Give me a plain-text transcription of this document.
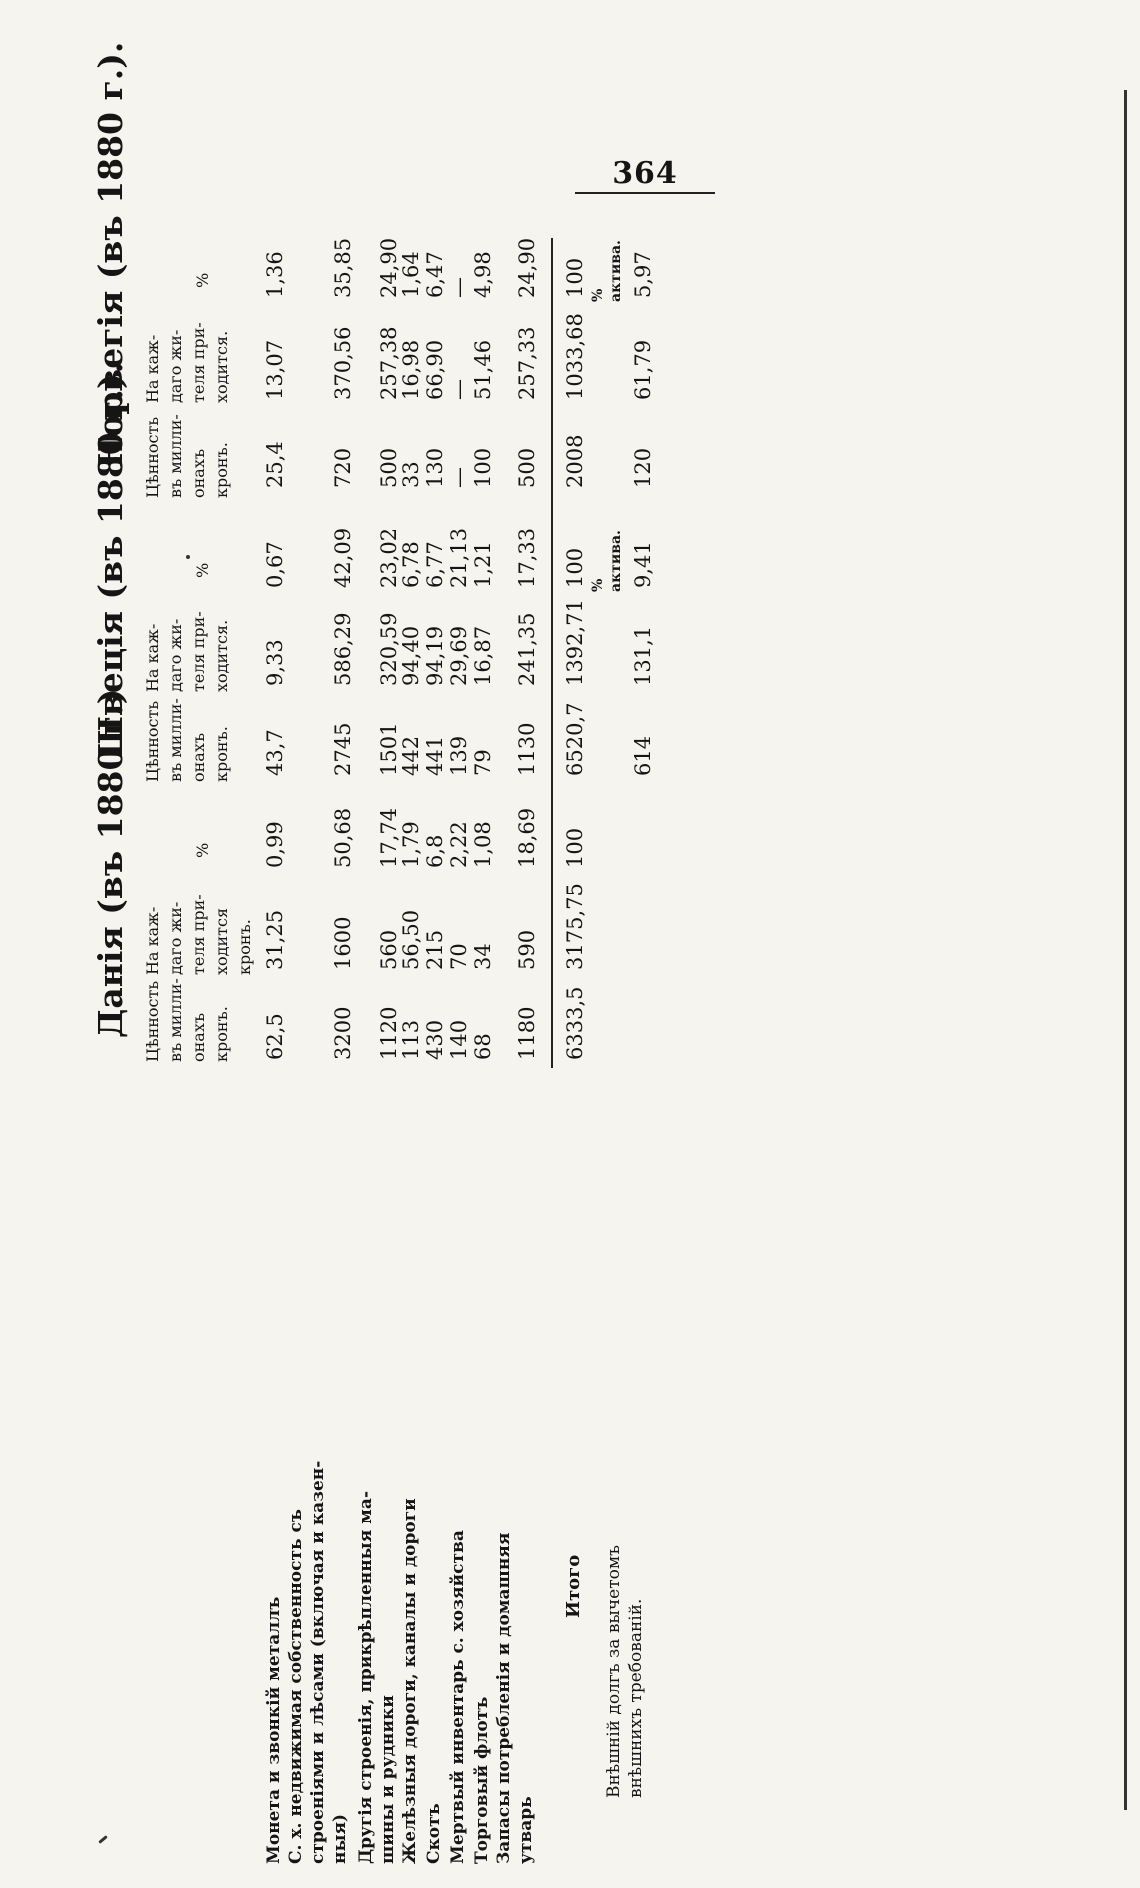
364
Данія (въ 1880 г.)
Швеція (въ 1880 г.).
Норвегія (въ 1880 г.).
Цѣнность
въ милли-
онахъ
кронъ.
На каж-
даго жи-
теля при-
ходится
кронъ.
%
Цѣнность
въ милли-
онахъ
кронъ.
На каж-
даго жи-
теля при-
ходится.
%
Цѣнность
въ милли-
онахъ
кронъ.
На каж-
даго жи-
теля при-
ходится.
%
Монета и звонкій металлъ С. х. недвижимая собственность съ
строеніями и лѣсами (включая и казен-
ныя) Другія строенія, прикрѣпленныя ма-
шины и рудники Желѣзныя дороги, каналы и дороги Скотъ Мертвый инвентарь с. хозяйства Торговый флотъ Запасы потребленія и домашняя
утварь
62,5
31,25
0,99
3200
1600
50,68
1120
560
17,74
113
56,50
1,79
430
215
6,8
140
70
2,22
68
34
1,08
1180
590
18,69
43,7
9,33
0,67
2745
586,29
42,09
1501
320,59
23,02
442
94,40
6,78
441
94,19
6,77
139
29,69
21,13
79
16,87
1,21
1130
241,35
17,33
25,4
13,07
1,36
720
370,56
35,85
500
257,38
24,90
33
16,98
1,64
130
66,90
6,47
—
—
—
100
51,46
4,98
500
257,33
24,90
Итого
6333,5
3175,75
100
6520,7
1392,71
100
2008
1033,68
100
%
актива.
%
актива.
Внѣшній долгъ за вычетомъ
внѣшнихъ требованій.
614
131,1
9,41
120
61,79
5,97
